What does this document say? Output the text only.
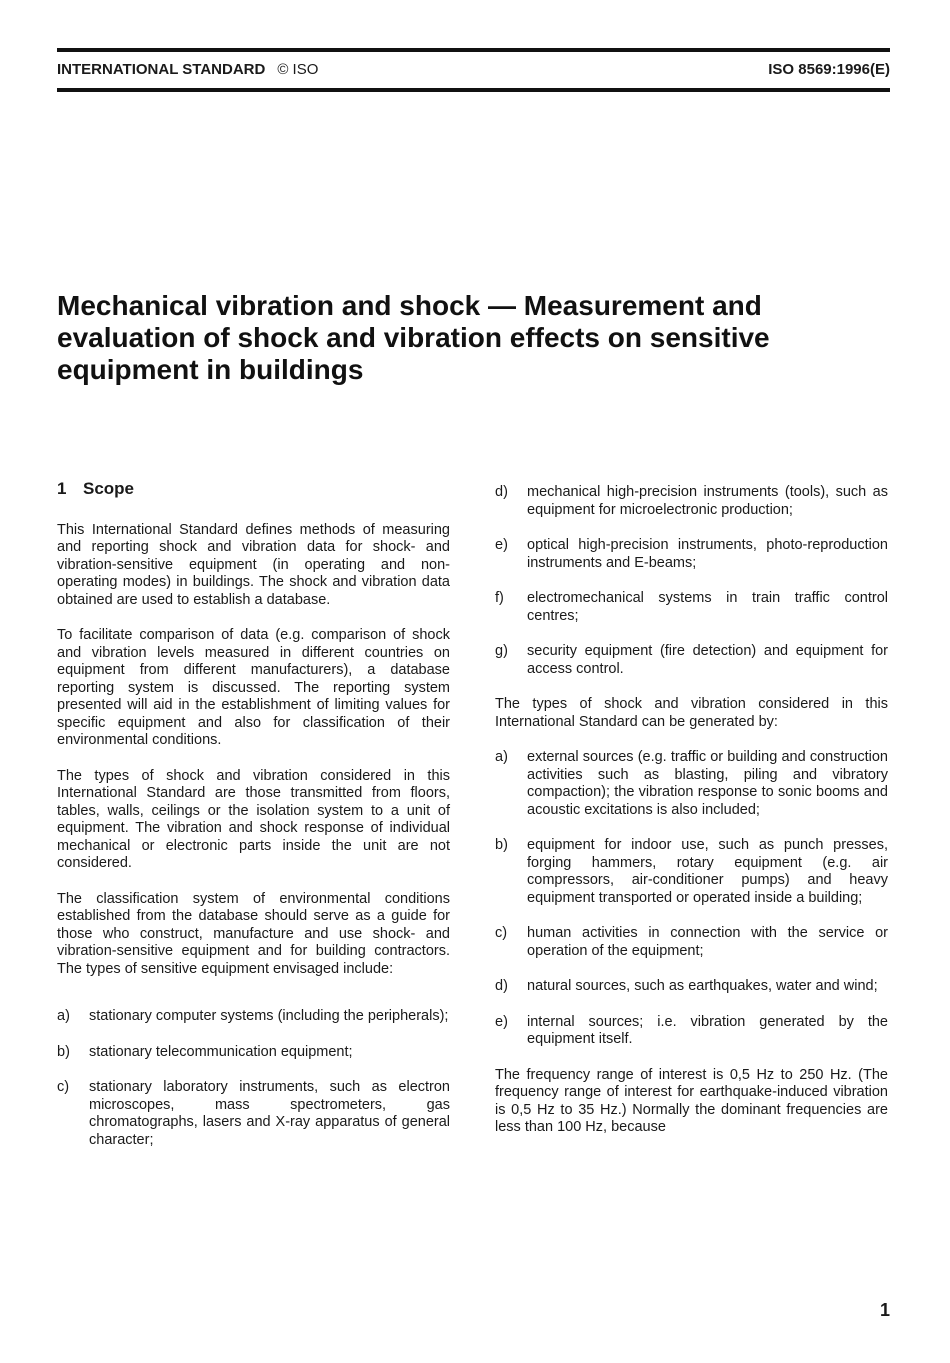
INTERNATIONAL STANDARD © ISO	ISO 8569:1996(E)
Mechanical vibration and shock — Measurement and evaluation of shock and vibration effects on sensitive equipment in buildings
1 Scope

This International Standard defines methods of measuring and reporting shock and vibration data for shock- and vibration-sensitive equipment (in operating and non-operating modes) in buildings. The shock and vibration data obtained are used to establish a database.

To facilitate comparison of data (e.g. comparison of shock and vibration levels measured in different countries on equipment from different manufacturers), a database reporting system is discussed. The reporting system presented will aid in the establishment of limiting values for specific equipment and also for classification of their environmental conditions.

The types of shock and vibration considered in this International Standard are those transmitted from floors, tables, walls, ceilings or the isolation system to a unit of equipment. The vibration and shock response of individual mechanical or electronic parts inside the unit are not considered.

The classification system of environmental conditions established from the database should serve as a guide for those who construct, manufacture and use shock- and vibration-sensitive equipment and for building contractors. The types of sensitive equipment envisaged include:

a)	stationary computer systems (including the peripherals);
b)	stationary telecommunication equipment;
c)	stationary laboratory instruments, such as electron microscopes, mass spectrometers, gas chromatographs, lasers and X-ray apparatus of general character;
d)	mechanical high-precision instruments (tools), such as equipment for microelectronic production;
e)	optical high-precision instruments, photo-reproduction instruments and E-beams;
f)	electromechanical systems in train traffic control centres;
g)	security equipment (fire detection) and equipment for access control.

The types of shock and vibration considered in this International Standard can be generated by:

a)	external sources (e.g. traffic or building and construction activities such as blasting, piling and vibratory compaction); the vibration response to sonic booms and acoustic excitations is also included;
b)	equipment for indoor use, such as punch presses, forging hammers, rotary equipment (e.g. air compressors, air-conditioner pumps) and heavy equipment transported or operated inside a building;
c)	human activities in connection with the service or operation of the equipment;
d)	natural sources, such as earthquakes, water and wind;
e)	internal sources; i.e. vibration generated by the equipment itself.

The frequency range of interest is 0,5 Hz to 250 Hz. (The frequency range of interest for earthquake-induced vibration is 0,5 Hz to 35 Hz.) Normally the dominant frequencies are less than 100 Hz, because

1
